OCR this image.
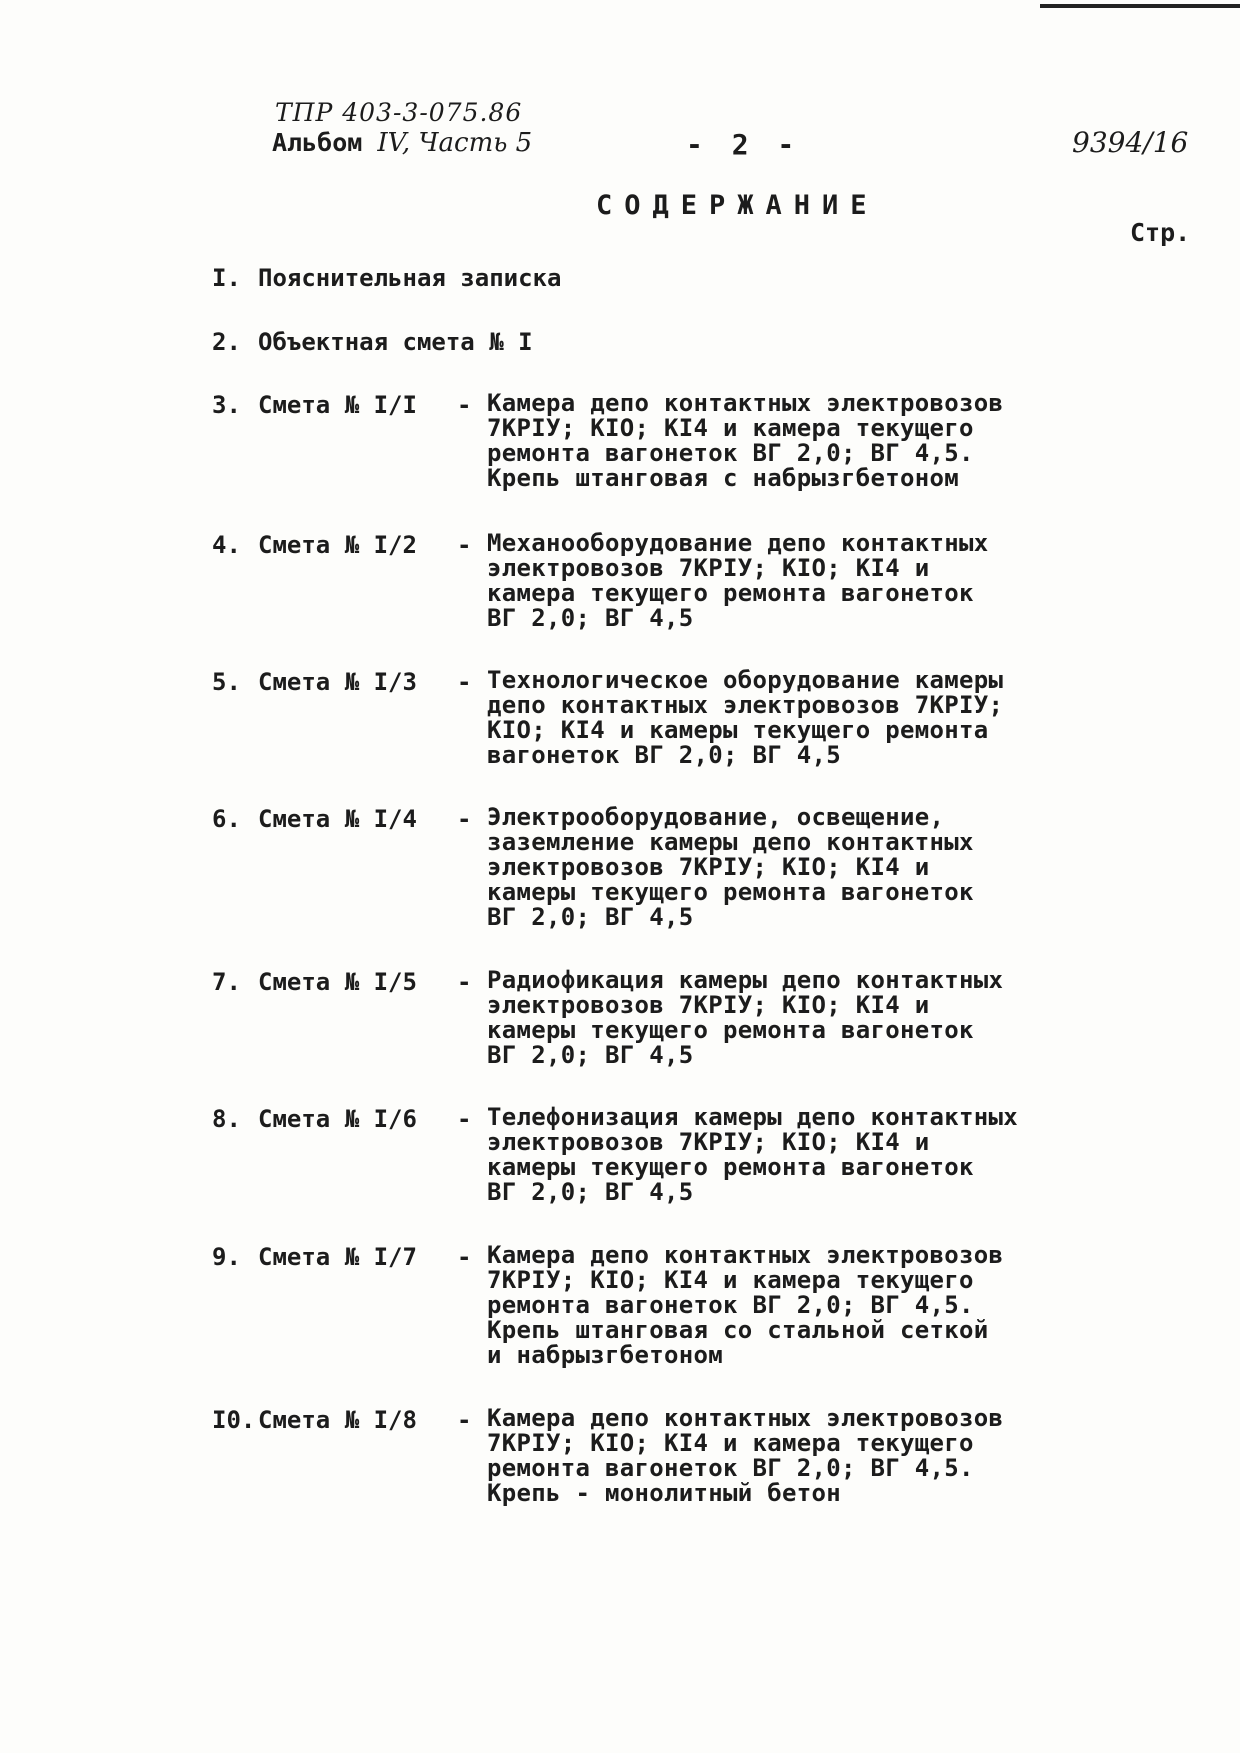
ТПР 403-3-075.86
Альбом IV, Часть 5	- 2 -	9394/16
СОДЕРЖАНИЕ
Стр.
I. Пояснительная записка
2. Объектная смета № I
3. Смета № I/I - Камера депо контактных электровозов
7КРIУ; КIО; КI4 и камера текущего
ремонта вагонеток ВГ 2,0; ВГ 4,5.
Крепь штанговая с набрызгбетоном
4. Смета № I/2 - Механооборудование депо контактных
электровозов 7КРIУ; КIО; КI4 и
камера текущего ремонта вагонеток
ВГ 2,0; ВГ 4,5
5. Смета № I/3 - Технологическое оборудование камеры
депо контактных электровозов 7КРIУ;
КIО; КI4 и камеры текущего ремонта
вагонеток ВГ 2,0; ВГ 4,5
6. Смета № I/4 - Электрооборудование, освещение,
заземление камеры депо контактных
электровозов 7КРIУ; КIО; КI4 и
камеры текущего ремонта вагонеток
ВГ 2,0; ВГ 4,5
7. Смета № I/5 - Радиофикация камеры депо контактных
электровозов 7КРIУ; КIО; КI4 и
камеры текущего ремонта вагонеток
ВГ 2,0; ВГ 4,5
8. Смета № I/6 - Телефонизация камеры депо контактных
электровозов 7КРIУ; КIО; КI4 и
камеры текущего ремонта вагонеток
ВГ 2,0; ВГ 4,5
9. Смета № I/7 - Камера депо контактных электровозов
7КРIУ; КIО; КI4 и камера текущего
ремонта вагонеток ВГ 2,0; ВГ 4,5.
Крепь штанговая со стальной сеткой
и набрызгбетоном
I0. Смета № I/8 - Камера депо контактных электровозов
7КРIУ; КIО; КI4 и камера текущего
ремонта вагонеток ВГ 2,0; ВГ 4,5.
Крепь - монолитный бетон
